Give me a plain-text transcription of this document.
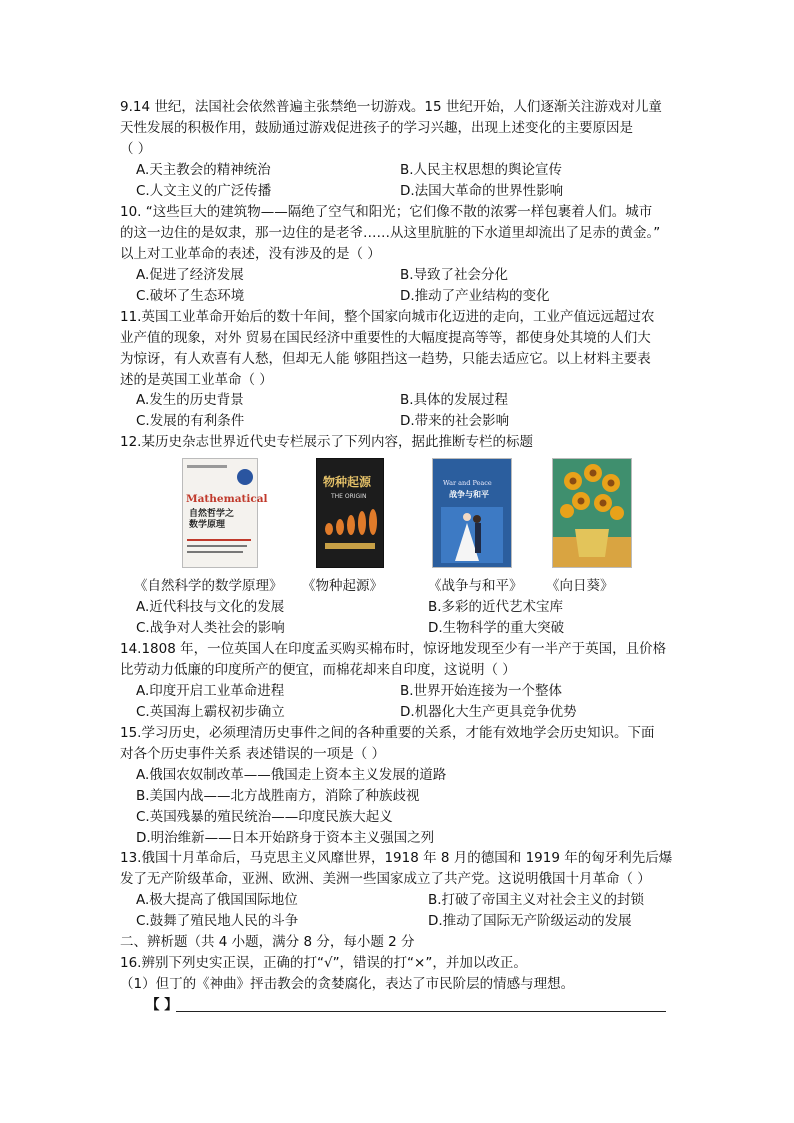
9.14 世纪，法国社会依然普遍主张禁绝一切游戏。15 世纪开始，人们逐渐关注游戏对儿童
天性发展的积极作用，鼓励通过游戏促进孩子的学习兴趣，出现上述变化的主要原因是
（ ）
A.天主教会的精神统治	B.人民主权思想的舆论宣传
C.人文主义的广泛传播	D.法国大革命的世界性影响
10. “这些巨大的建筑物——隔绝了空气和阳光；它们像不散的浓雾一样包裹着人们。城市
的这一边住的是奴隶，那一边住的是老爷……从这里肮脏的下水道里却流出了足赤的黄金。”
以上对工业革命的表述，没有涉及的是（ ）
A.促进了经济发展	B.导致了社会分化
C.破坏了生态环境	D.推动了产业结构的变化
11.英国工业革命开始后的数十年间，整个国家向城市化迈进的走向，工业产值远远超过农
业产值的现象，对外 贸易在国民经济中重要性的大幅度提高等等，都使身处其境的人们大
为惊讶，有人欢喜有人愁，但却无人能 够阻挡这一趋势，只能去适应它。以上材料主要表
述的是英国工业革命（ ）
A.发生的历史背景	B.具体的发展过程
C.发展的有利条件	D.带来的社会影响
12.某历史杂志世界近代史专栏展示了下列内容，据此推断专栏的标题
Mathematical
自然哲学之
数学原理
物种起源
THE ORIGIN
War and Peace
战争与和平
《自然科学的数学原理》 《物种起源》	《战争与和平》 《向日葵》
A.近代科技与文化的发展	B.多彩的近代艺术宝库
C.战争对人类社会的影响	D.生物科学的重大突破
14.1808 年，一位英国人在印度孟买购买棉布时，惊讶地发现至少有一半产于英国，且价格
比劳动力低廉的印度所产的便宜，而棉花却来自印度，这说明（ ）
A.印度开启工业革命进程	B.世界开始连接为一个整体
C.英国海上霸权初步确立	D.机器化大生产更具竞争优势
15.学习历史，必须理清历史事件之间的各种重要的关系，才能有效地学会历史知识。下面
对各个历史事件关系 表述错误的一项是（ ）
A.俄国农奴制改革——俄国走上资本主义发展的道路
B.美国内战——北方战胜南方，消除了种族歧视
C.英国残暴的殖民统治——印度民族大起义
D.明治维新——日本开始跻身于资本主义强国之列
13.俄国十月革命后，马克思主义风靡世界，1918 年 8 月的德国和 1919 年的匈牙利先后爆
发了无产阶级革命，亚洲、欧洲、美洲一些国家成立了共产党。这说明俄国十月革命（ ）
A.极大提高了俄国国际地位	B.打破了帝国主义对社会主义的封锁
C.鼓舞了殖民地人民的斗争	D.推动了国际无产阶级运动的发展
二、辨析题（共 4 小题，满分 8 分，每小题 2 分
16.辨别下列史实正误，正确的打“√”，错误的打“×”，并加以改正。
（1）但丁的《神曲》抨击教会的贪婪腐化，表达了市民阶层的情感与理想。
【 】
